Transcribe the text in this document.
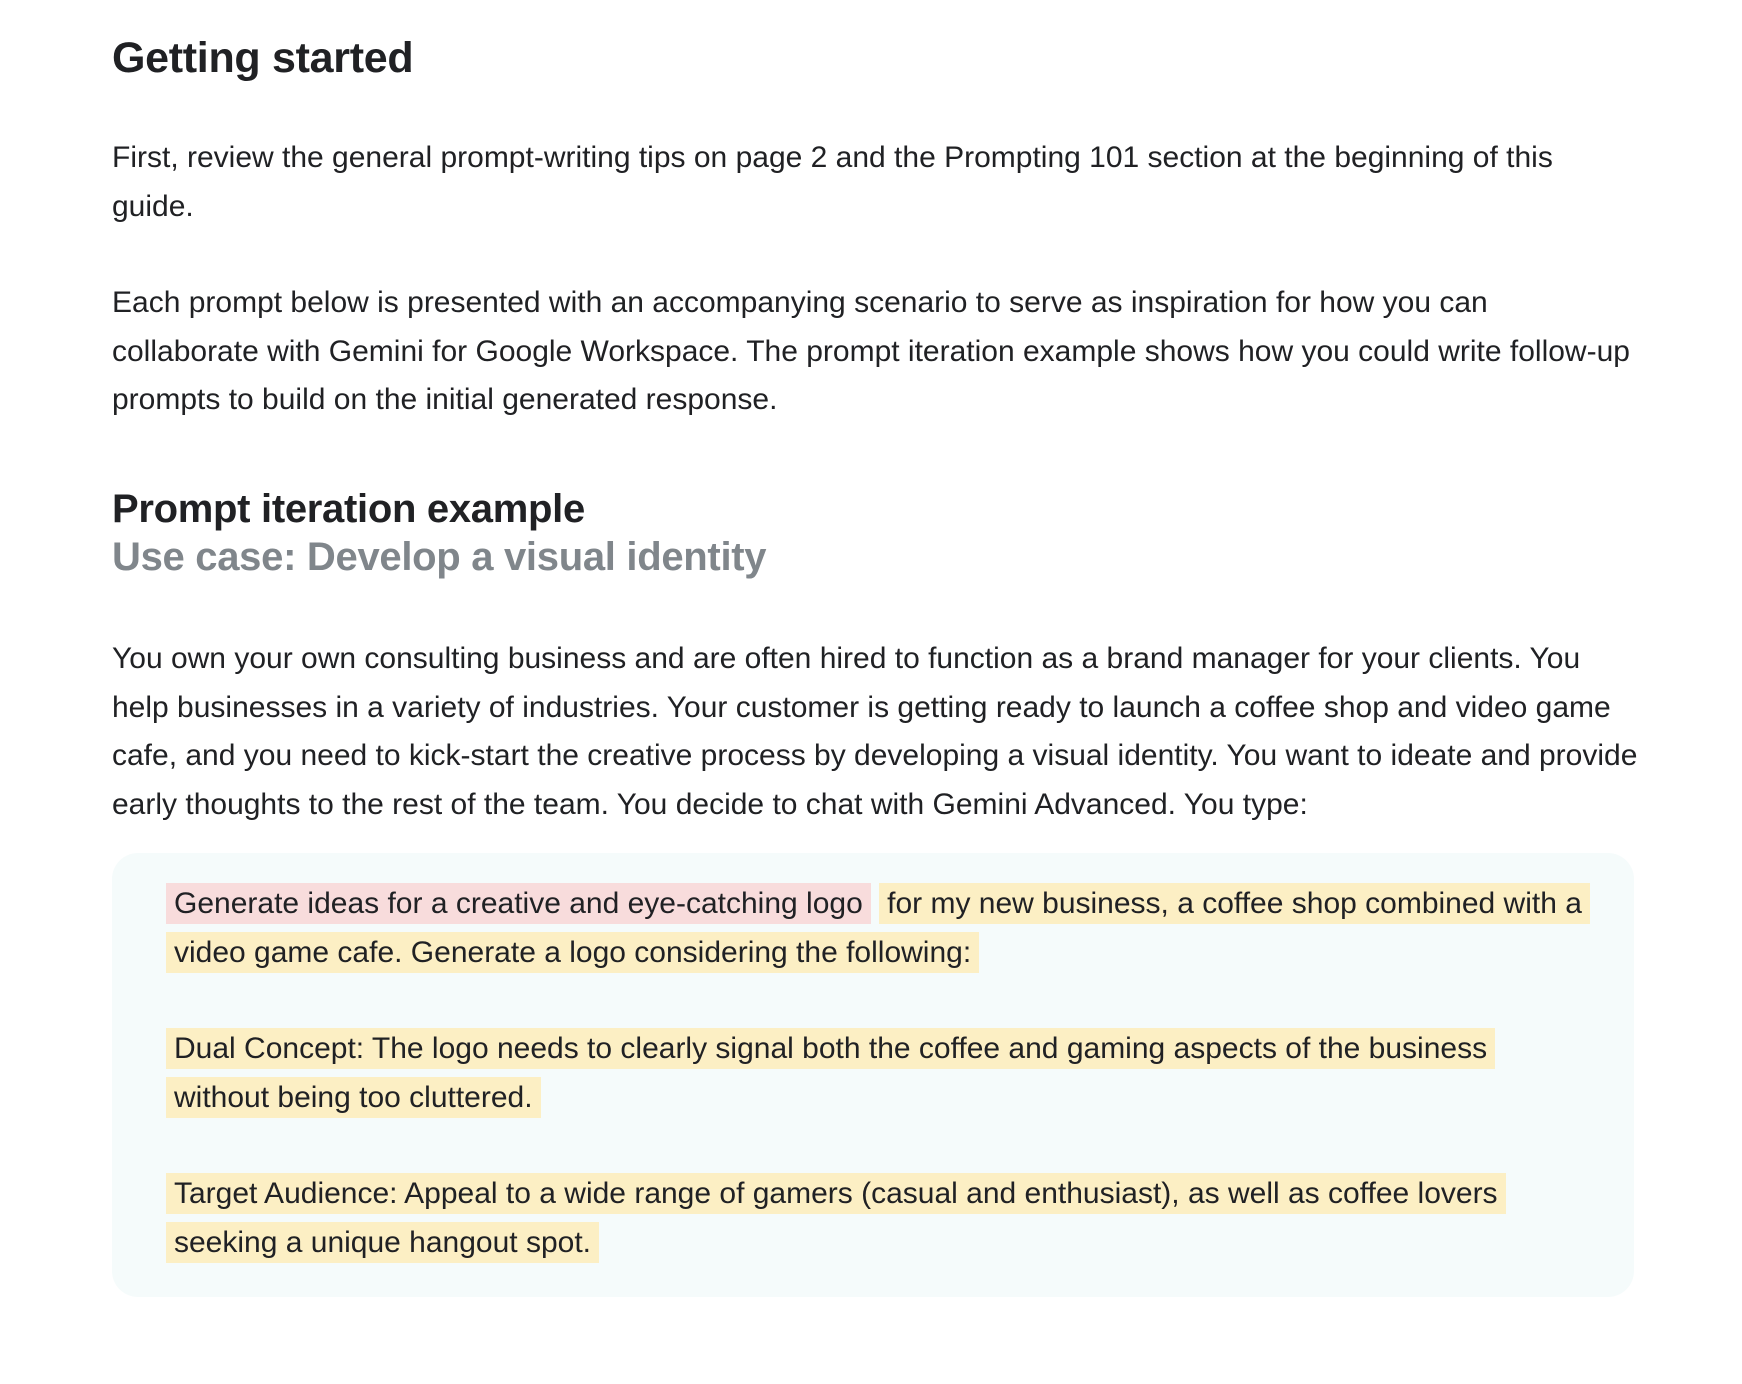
Getting started

First, review the general prompt-writing tips on page 2 and the Prompting 101 section at the beginning of this guide.

Each prompt below is presented with an accompanying scenario to serve as inspiration for how you can collaborate with Gemini for Google Workspace. The prompt iteration example shows how you could write follow-up prompts to build on the initial generated response.

Prompt iteration example
Use case: Develop a visual identity

You own your own consulting business and are often hired to function as a brand manager for your clients. You help businesses in a variety of industries. Your customer is getting ready to launch a coffee shop and video game cafe, and you need to kick-start the creative process by developing a visual identity. You want to ideate and provide early thoughts to the rest of the team. You decide to chat with Gemini Advanced. You type:

Generate ideas for a creative and eye-catching logo for my new business, a coffee shop combined with a video game cafe. Generate a logo considering the following:

Dual Concept: The logo needs to clearly signal both the coffee and gaming aspects of the business without being too cluttered.

Target Audience: Appeal to a wide range of gamers (casual and enthusiast), as well as coffee lovers seeking a unique hangout spot.
